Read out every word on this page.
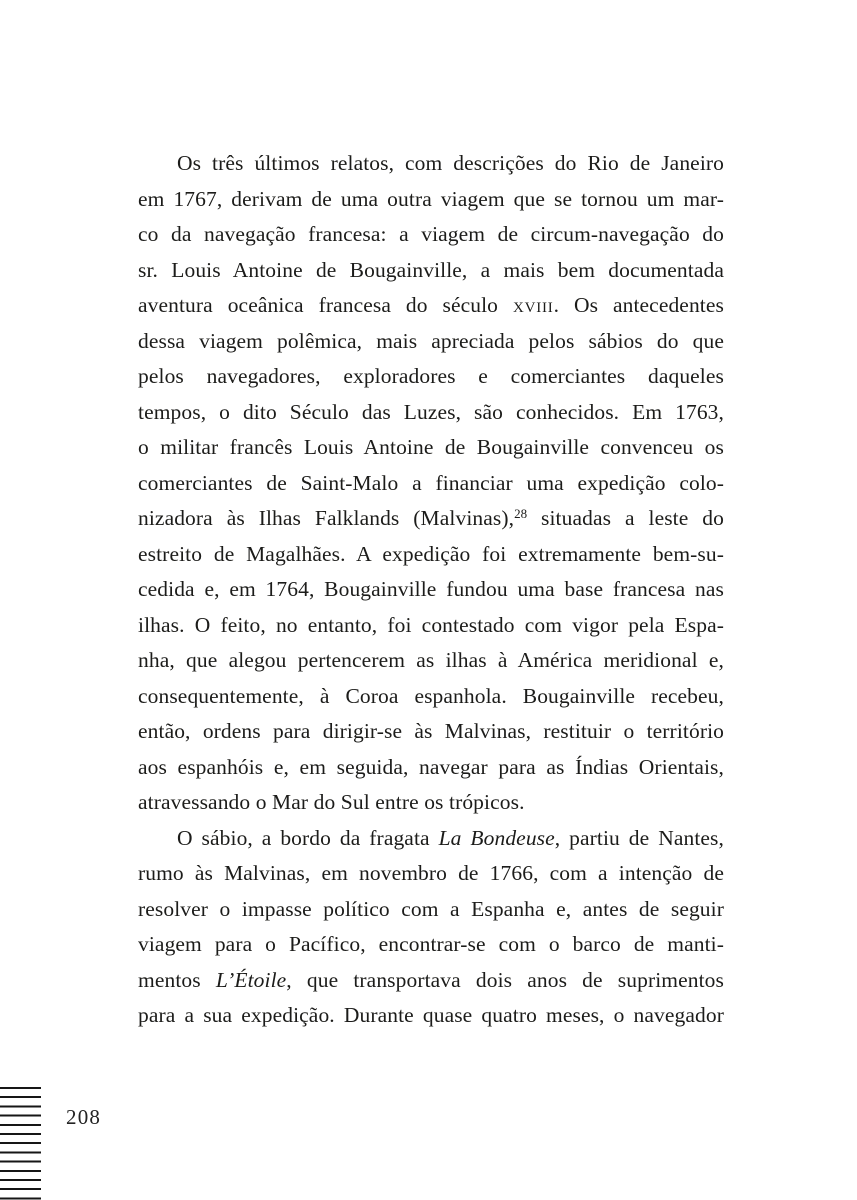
Os três últimos relatos, com descrições do Rio de Janeiro

em 1767, derivam de uma outra viagem que se tornou um mar-

co da navegação francesa: a viagem de circum-navegação do

sr. Louis Antoine de Bougainville, a mais bem documentada

aventura oceânica francesa do século xviii. Os antecedentes

dessa viagem polêmica, mais apreciada pelos sábios do que

pelos navegadores, exploradores e comerciantes daqueles

tempos, o dito Século das Luzes, são conhecidos. Em 1763,

o militar francês Louis Antoine de Bougainville convenceu os

comerciantes de Saint-Malo a financiar uma expedição colo-

nizadora às Ilhas Falklands (Malvinas),$^{28}$ situadas a leste do

estreito de Magalhães. A expedição foi extremamente bem-su-

cedida e, em 1764, Bougainville fundou uma base francesa nas

ilhas. O feito, no entanto, foi contestado com vigor pela Espa-

nha, que alegou pertencerem as ilhas à América meridional e,

consequentemente, à Coroa espanhola. Bougainville recebeu,

então, ordens para dirigir-se às Malvinas, restituir o território

aos espanhóis e, em seguida, navegar para as Índias Orientais,

atravessando o Mar do Sul entre os trópicos.

O sábio, a bordo da fragata La Bondeuse, partiu de Nantes,

rumo às Malvinas, em novembro de 1766, com a intenção de

resolver o impasse político com a Espanha e, antes de seguir

viagem para o Pacífico, encontrar-se com o barco de manti-

mentos L’Étoile, que transportava dois anos de suprimentos

para a sua expedição. Durante quase quatro meses, o navegador

208
